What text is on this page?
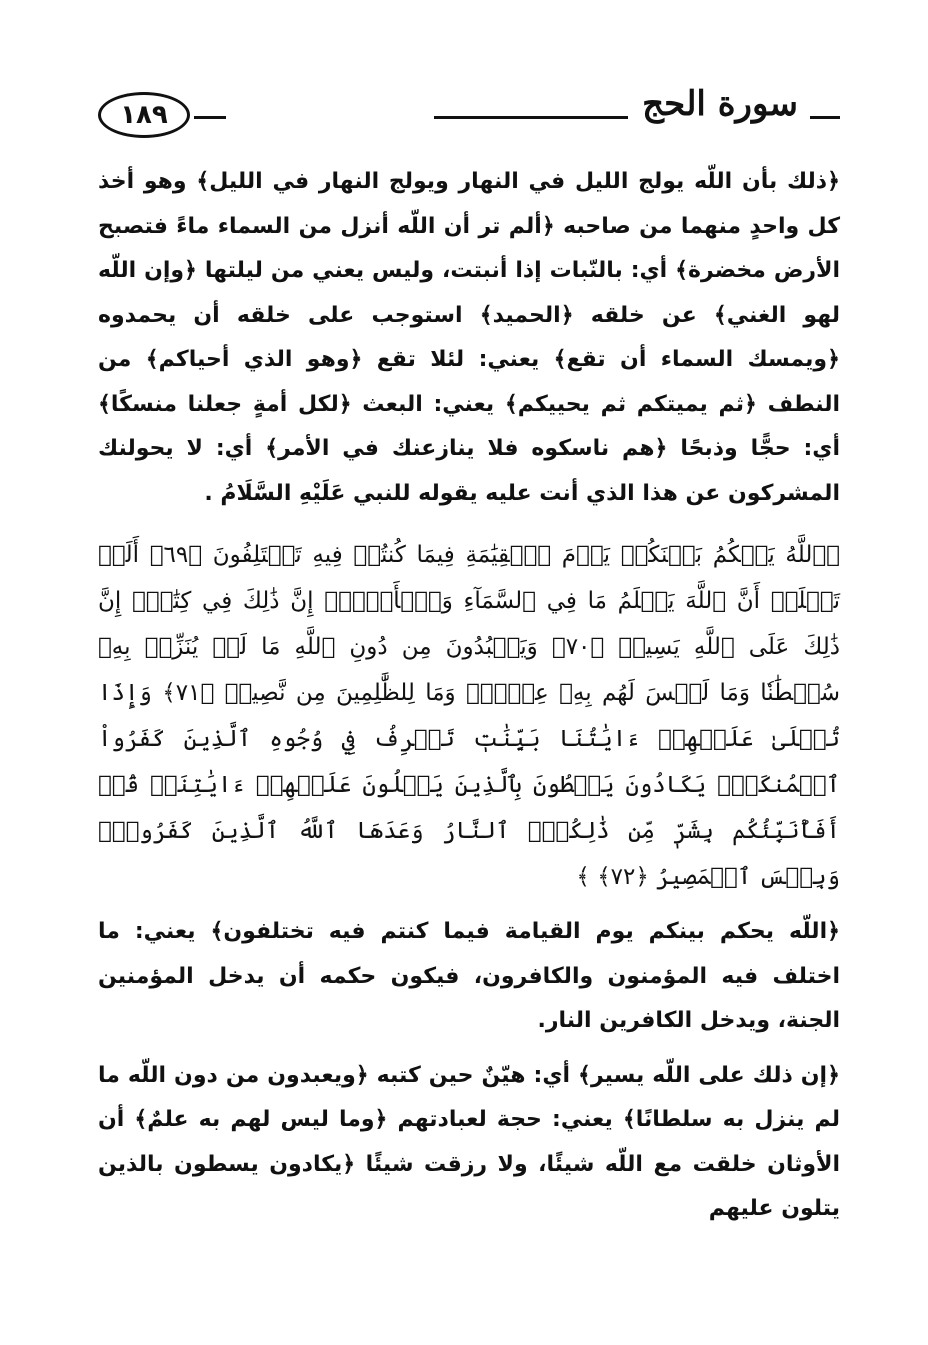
سورة الحج
١٨٩

﴿ذلك بأن اللّه يولج الليل في النهار ويولج النهار في الليل﴾ وهو أخذ كل واحدٍ منهما من صاحبه ﴿ألم تر أن اللّه أنزل من السماء ماءً فتصبح الأرض مخضرة﴾ أي: بالنّبات إذا أنبتت، وليس يعني من ليلتها ﴿وإن اللّه لهو الغني﴾ عن خلقه ﴿الحميد﴾ استوجب على خلقه أن يحمدوه ﴿ويمسك السماء أن تقع﴾ يعني: لئلا تقع ﴿وهو الذي أحياكم﴾ من النطف ﴿ثم يميتكم ثم يحييكم﴾ يعني: البعث ﴿لكل أمةٍ جعلنا منسكًا﴾ أي: حجًّا وذبحًا ﴿هم ناسكوه فلا ينازعنك في الأمر﴾ أي: لا يحولنك المشركون عن هذا الذي أنت عليه يقوله للنبي عَلَيْهِ السَّلَامُ .

﴿ٱللَّهُ يَحۡكُمُ بَيۡنَكُمۡ يَوۡمَ ٱلۡقِيَٰمَةِ فِيمَا كُنتُمۡ فِيهِ تَخۡتَلِفُونَ ﴿٦٩﴾ أَلَمۡ تَعۡلَمۡ أَنَّ ٱللَّهَ يَعۡلَمُ مَا فِي ٱلسَّمَآءِ وَٱلۡأَرۡضِۚ إِنَّ ذَٰلِكَ فِي كِتَٰبٍۚ إِنَّ ذَٰلِكَ عَلَى ٱللَّهِ يَسِيرٞ ﴿٧٠﴾ وَيَعۡبُدُونَ مِن دُونِ ٱللَّهِ مَا لَمۡ يُنَزِّلۡ بِهِۦ سُلۡطَٰنٗا وَمَا لَيۡسَ لَهُم بِهِۦ عِلۡمٞۗ وَمَا لِلظَّٰلِمِينَ مِن نَّصِيرٖ ﴿٧١﴾ وَإِذَا تُتۡلَىٰ عَلَيۡهِمۡ ءَايَٰتُنَا بَيِّنَٰتٖ تَعۡرِفُ فِي وُجُوهِ ٱلَّذِينَ كَفَرُواْ ٱلۡمُنكَرَۖ يَكَادُونَ يَسۡطُونَ بِٱلَّذِينَ يَتۡلُونَ عَلَيۡهِمۡ ءَايَٰتِنَاۗ قُلۡ أَفَأُنَبِّئُكُم بِشَرّٖ مِّن ذَٰلِكُمُۚ ٱلنَّارُ وَعَدَهَا ٱللَّهُ ٱلَّذِينَ كَفَرُواْۖ وَبِئۡسَ ٱلۡمَصِيرُ ﴿٧٢﴾ ﴾

﴿اللّه يحكم بينكم يوم القيامة فيما كنتم فيه تختلفون﴾ يعني: ما اختلف فيه المؤمنون والكافرون، فيكون حكمه أن يدخل المؤمنين الجنة، ويدخل الكافرين النار.

﴿إن ذلك على اللّه يسير﴾ أي: هيّنٌ حين كتبه ﴿ويعبدون من دون اللّه ما لم ينزل به سلطانًا﴾ يعني: حجة لعبادتهم ﴿وما ليس لهم به علمٌ﴾ أن الأوثان خلقت مع اللّه شيئًا، ولا رزقت شيئًا ﴿يكادون يسطون بالذين يتلون عليهم
